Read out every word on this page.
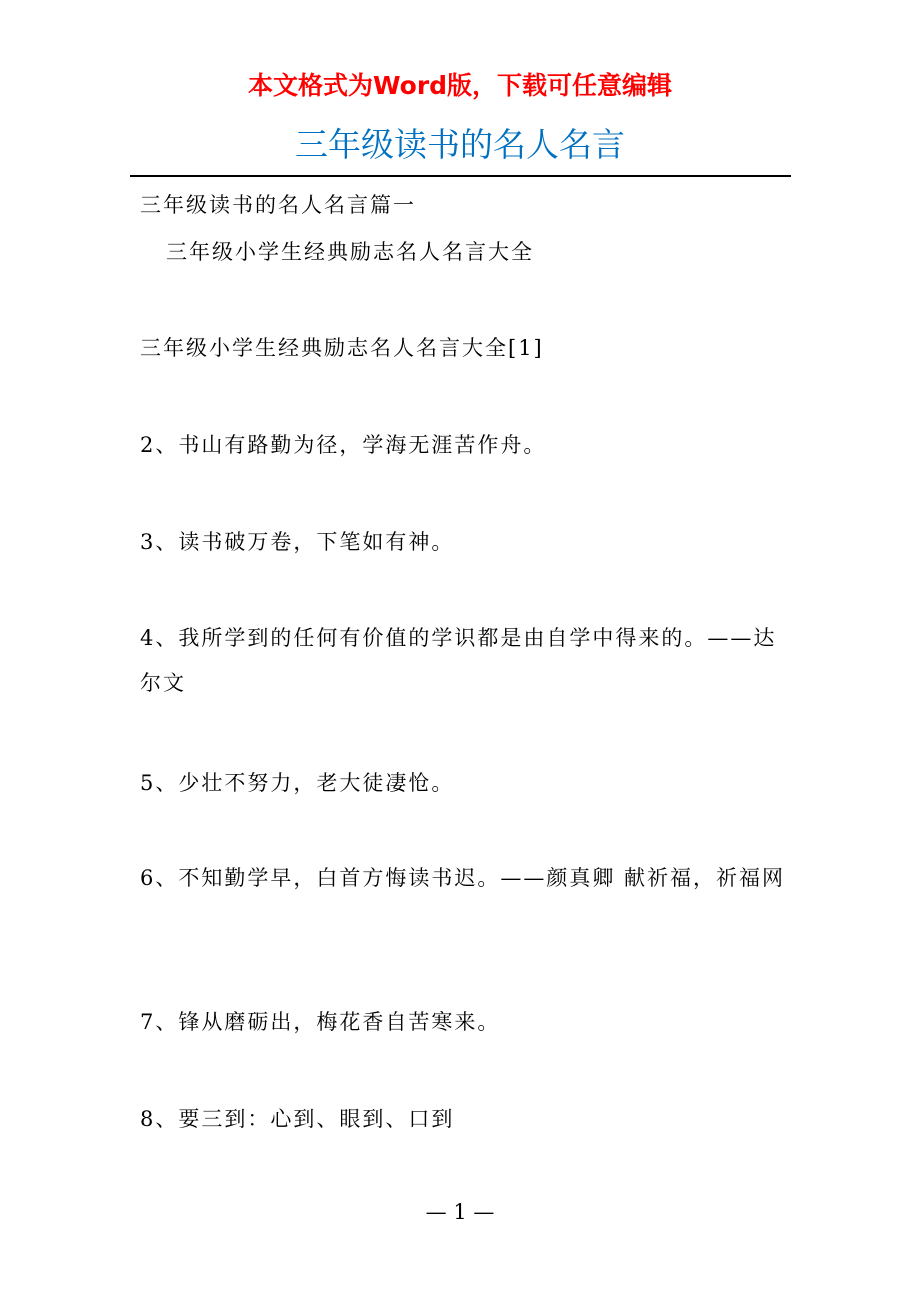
本文格式为Word版，下载可任意编辑
三年级读书的名人名言
三年级读书的名人名言篇一
三年级小学生经典励志名人名言大全
三年级小学生经典励志名人名言大全[1]
2、书山有路勤为径，学海无涯苦作舟。
3、读书破万卷，下笔如有神。
4、我所学到的任何有价值的学识都是由自学中得来的。——达尔文
5、少壮不努力，老大徒凄怆。
6、不知勤学早，白首方悔读书迟。——颜真卿 献祈福，祈福网
7、锋从磨砺出，梅花香自苦寒来。
8、要三到：心到、眼到、口到
— 1 —
